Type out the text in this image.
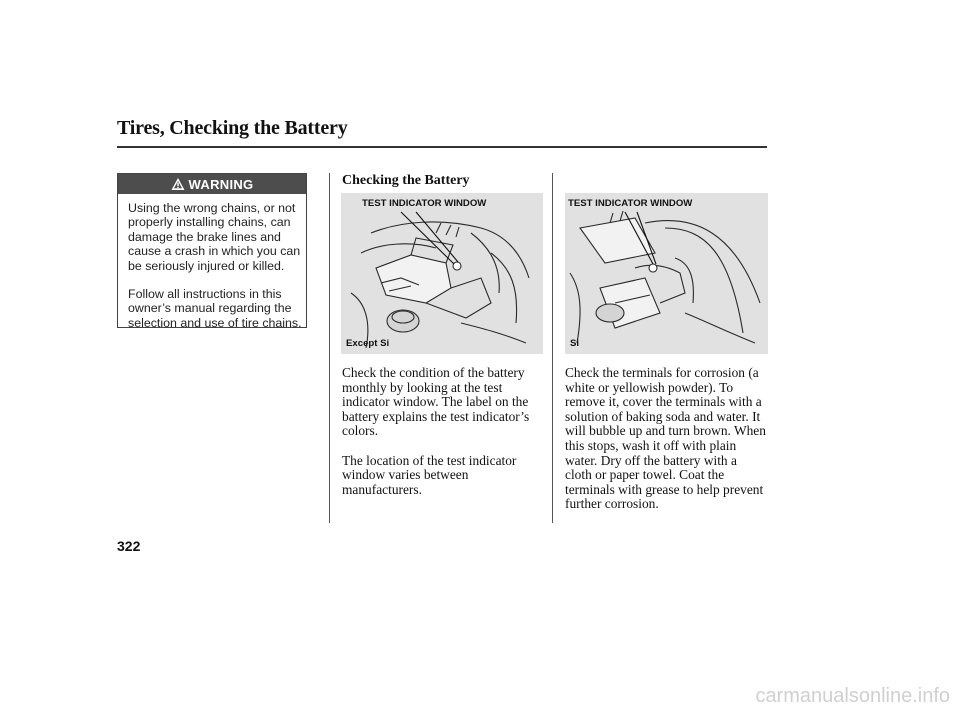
Tires, Checking the Battery
WARNING

Using the wrong chains, or not
properly installing chains, can
damage the brake lines and
cause a crash in which you can
be seriously injured or killed.

Follow all instructions in this
owner’s manual regarding the
selection and use of tire chains.

Checking the Battery
TEST INDICATOR WINDOW
Except Si
TEST INDICATOR WINDOW
Si

Check the condition of the battery
monthly by looking at the test
indicator window. The label on the
battery explains the test indicator’s
colors.

The location of the test indicator
window varies between
manufacturers.

Check the terminals for corrosion (a
white or yellowish powder). To
remove it, cover the terminals with a
solution of baking soda and water. It
will bubble up and turn brown. When
this stops, wash it off with plain
water. Dry off the battery with a
cloth or paper towel. Coat the
terminals with grease to help prevent
further corrosion.

322
carmanualsonline.info
